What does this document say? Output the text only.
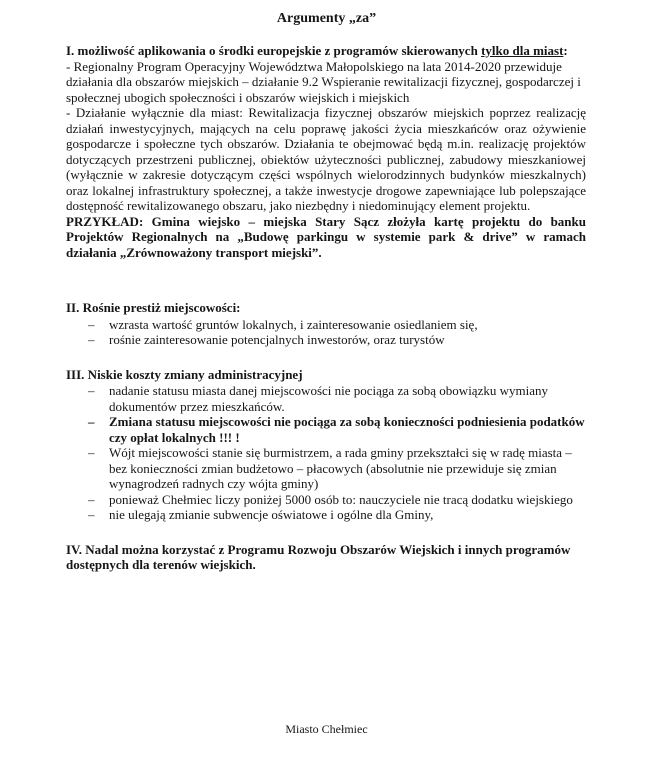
Argumenty „za”

I. możliwość aplikowania o środki europejskie z programów skierowanych tylko dla miast:

- Regionalny Program Operacyjny Województwa Małopolskiego na lata 2014-2020 przewiduje działania dla obszarów miejskich – działanie 9.2 Wspieranie rewitalizacji fizycznej, gospodarczej i społecznej ubogich społeczności i obszarów wiejskich i miejskich

- Działanie wyłącznie dla miast: Rewitalizacja fizycznej obszarów miejskich poprzez realizację działań inwestycyjnych, mających na celu poprawę jakości życia mieszkańców oraz ożywienie gospodarcze i społeczne tych obszarów. Działania te obejmować będą m.in. realizację projektów dotyczących przestrzeni publicznej, obiektów użyteczności publicznej, zabudowy mieszkaniowej (wyłącznie w zakresie dotyczącym części wspólnych wielorodzinnych budynków mieszkalnych) oraz lokalnej infrastruktury społecznej, a także inwestycje drogowe zapewniające lub polepszające dostępność rewitalizowanego obszaru, jako niezbędny i niedominujący element projektu.

PRZYKŁAD: Gmina wiejsko – miejska Stary Sącz złożyła kartę projektu do banku Projektów Regionalnych na „Budowę parkingu w systemie park & drive” w ramach działania „Zrównoważony transport miejski”.

II. Rośnie prestiż miejscowości:

– wzrasta wartość gruntów lokalnych, i zainteresowanie osiedlaniem się,
– rośnie zainteresowanie potencjalnych inwestorów, oraz turystów

III. Niskie koszty zmiany administracyjnej

– nadanie statusu miasta danej miejscowości nie pociąga za sobą obowiązku wymiany dokumentów przez mieszkańców.
– Zmiana statusu miejscowości nie pociąga za sobą konieczności podniesienia podatków czy opłat lokalnych !!! !
– Wójt miejscowości stanie się burmistrzem, a rada gminy przekształci się w radę miasta – bez konieczności zmian budżetowo – płacowych (absolutnie nie przewiduje się zmian wynagrodzeń radnych czy wójta gminy)
– ponieważ Chełmiec liczy poniżej 5000 osób to: nauczyciele nie tracą dodatku wiejskiego
– nie ulegają zmianie subwencje oświatowe i ogólne dla Gminy,

IV. Nadal można korzystać z Programu Rozwoju Obszarów Wiejskich i innych programów dostępnych dla terenów wiejskich.

Miasto Chełmiec
